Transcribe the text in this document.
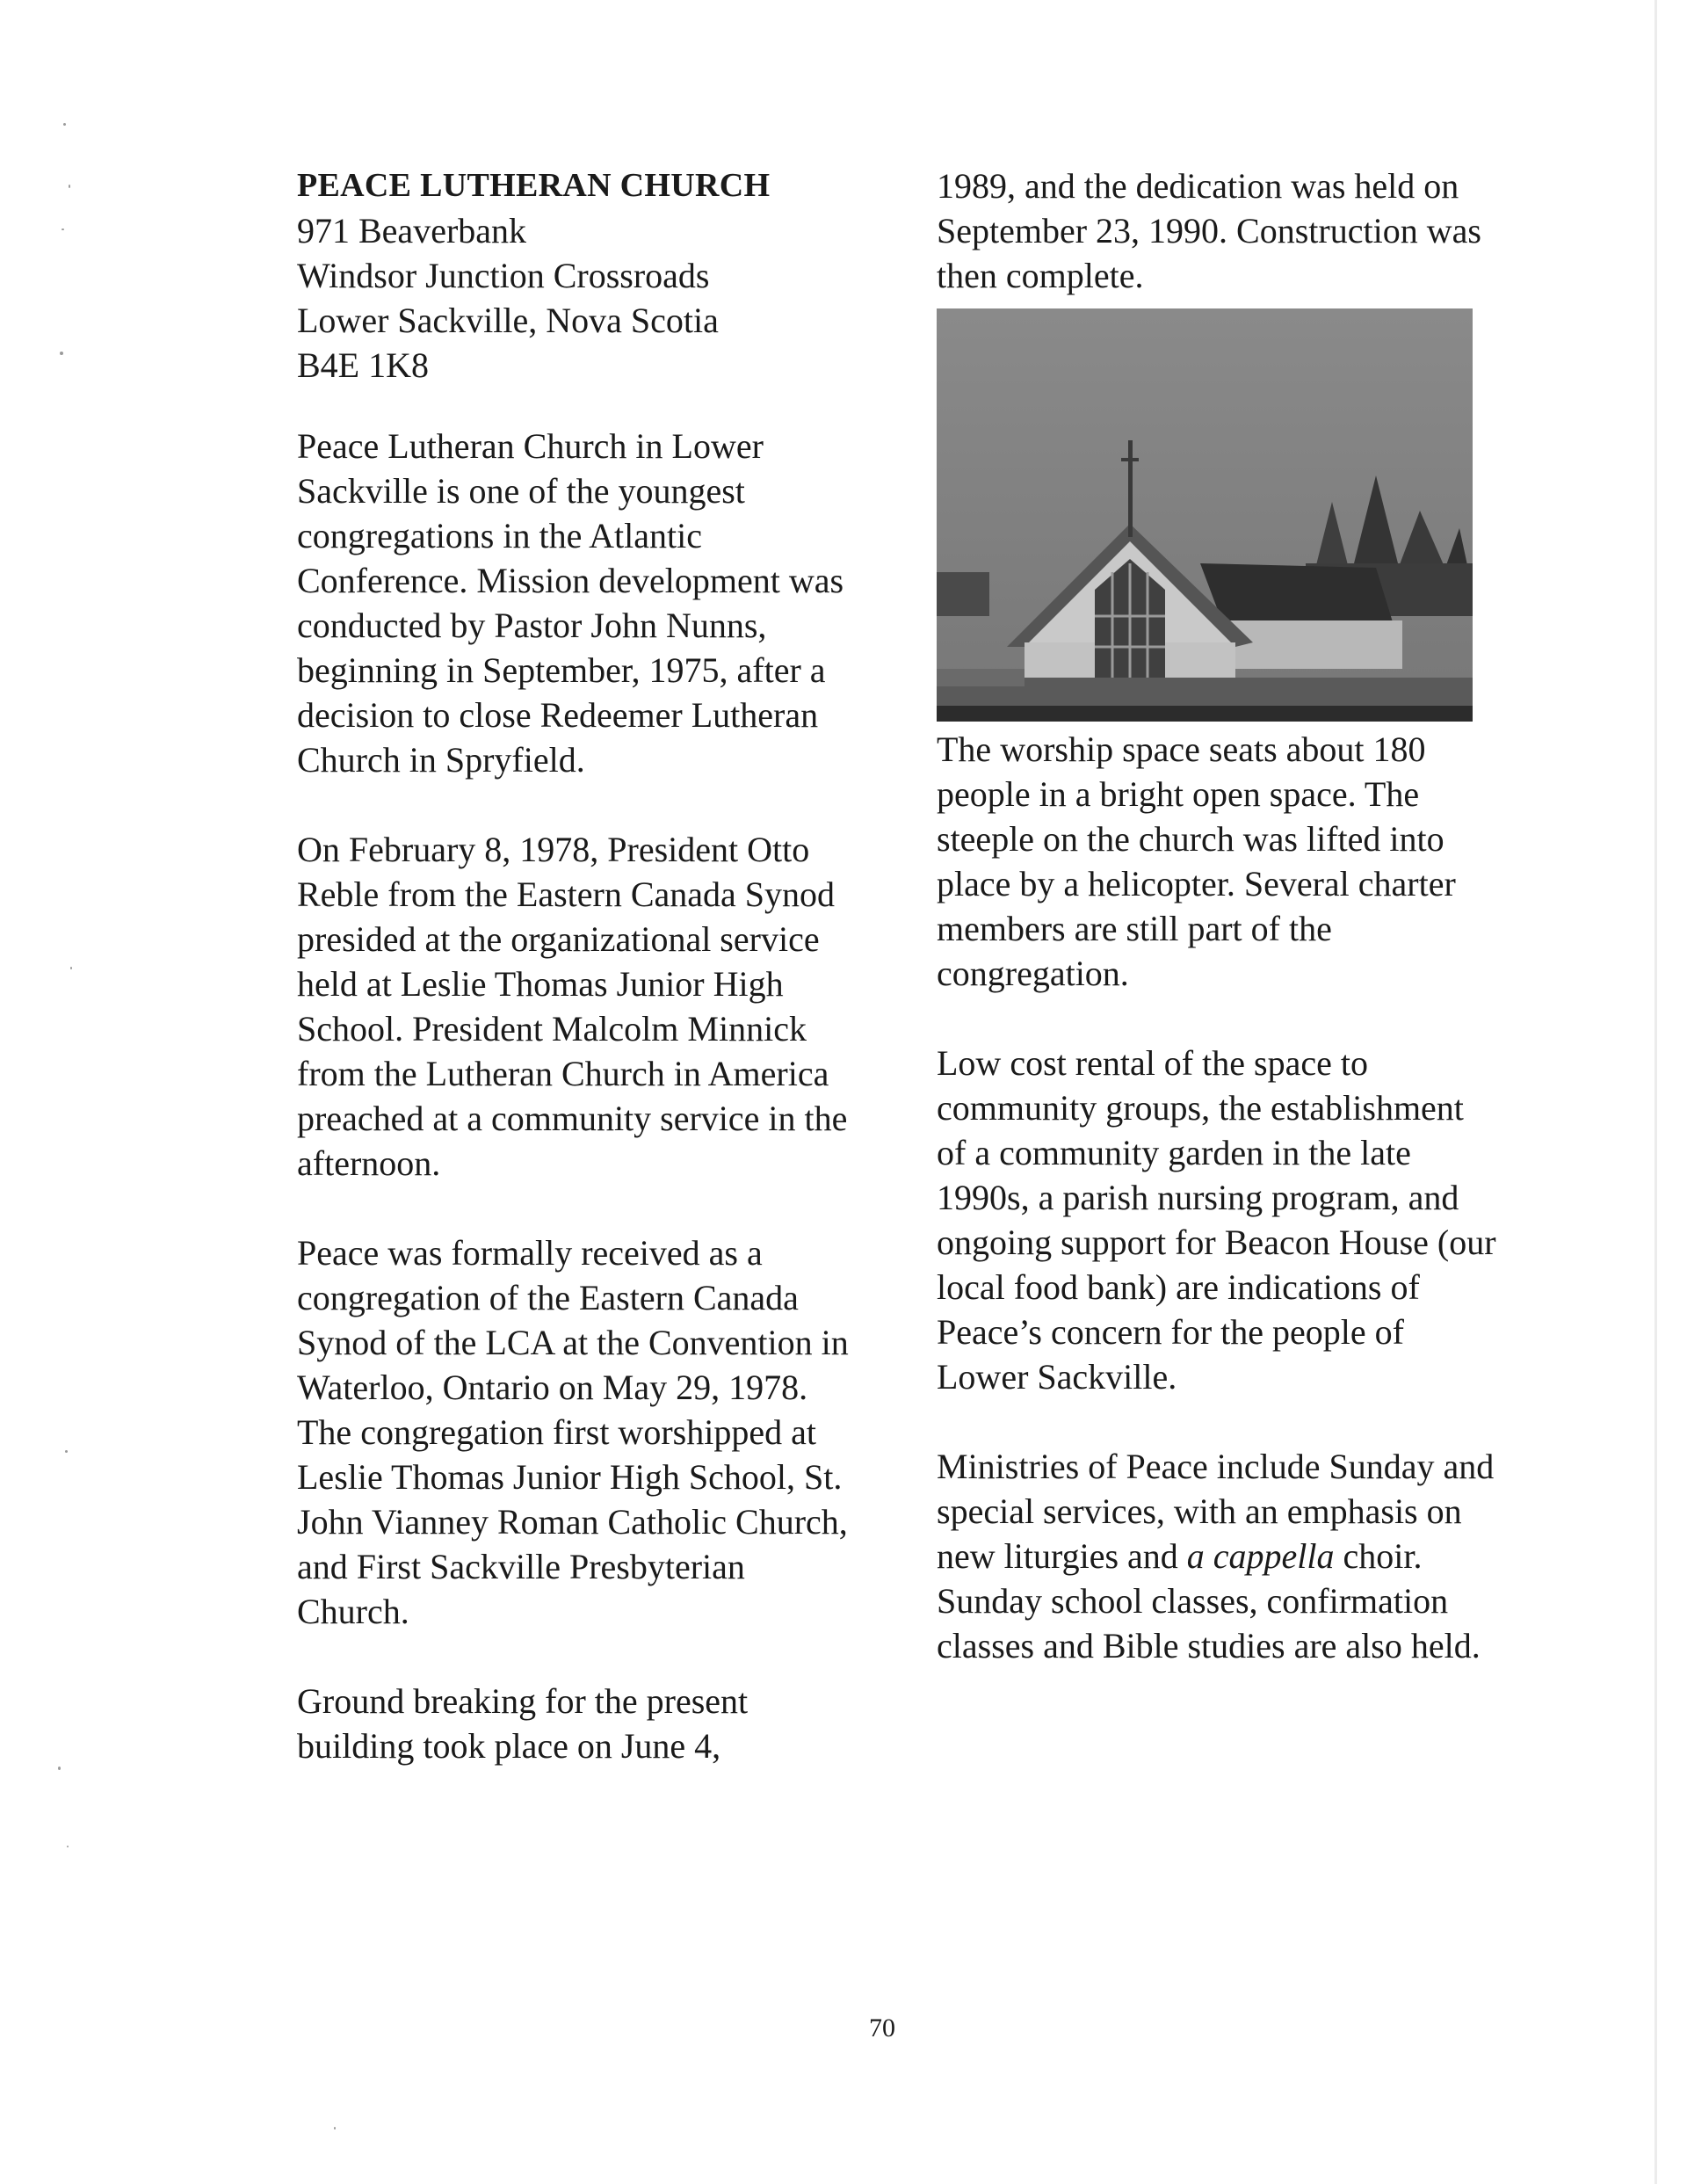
PEACE LUTHERAN CHURCH
971 Beaverbank
Windsor Junction Crossroads
Lower Sackville, Nova Scotia
B4E 1K8

Peace Lutheran Church in Lower Sackville is one of the youngest congregations in the Atlantic Conference. Mission development was conducted by Pastor John Nunns, beginning in September, 1975, after a decision to close Redeemer Lutheran Church in Spryfield.

On February 8, 1978, President Otto Reble from the Eastern Canada Synod presided at the organizational service held at Leslie Thomas Junior High School. President Malcolm Minnick from the Lutheran Church in America preached at a community service in the afternoon.

Peace was formally received as a congregation of the Eastern Canada Synod of the LCA at the Convention in Waterloo, Ontario on May 29, 1978. The congregation first worshipped at Leslie Thomas Junior High School, St. John Vianney Roman Catholic Church, and First Sackville Presbyterian Church.

Ground breaking for the present building took place on June 4,

1989, and the dedication was held on September 23, 1990. Construction was then complete.

The worship space seats about 180 people in a bright open space. The steeple on the church was lifted into place by a helicopter. Several charter members are still part of the congregation.

Low cost rental of the space to community groups, the establishment of a community garden in the late 1990s, a parish nursing program, and ongoing support for Beacon House (our local food bank) are indications of Peace’s concern for the people of Lower Sackville.

Ministries of Peace include Sunday and special services, with an emphasis on new liturgies and a cappella choir. Sunday school classes, confirmation classes and Bible studies are also held.

70
